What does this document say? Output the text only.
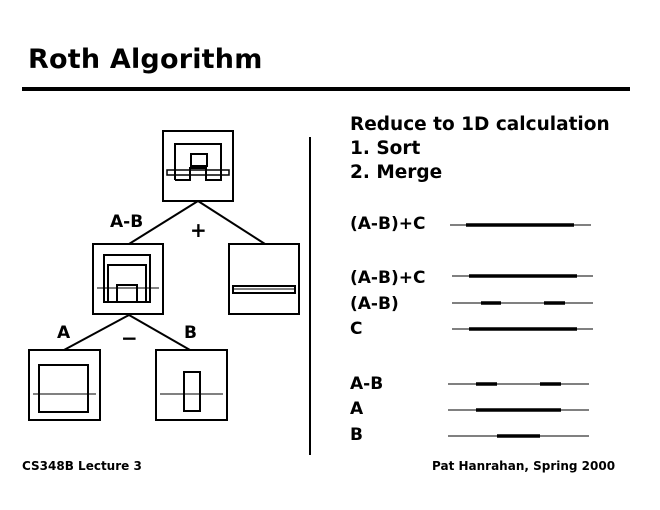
Roth Algorithm
A-B +
A	B
−
Reduce to 1D calculation
1. Sort
2. Merge
(A-B)+C
(A-B)+C
(A-B)
C
A-B
A
B
CS348B Lecture 3	Pat Hanrahan, Spring 2000
